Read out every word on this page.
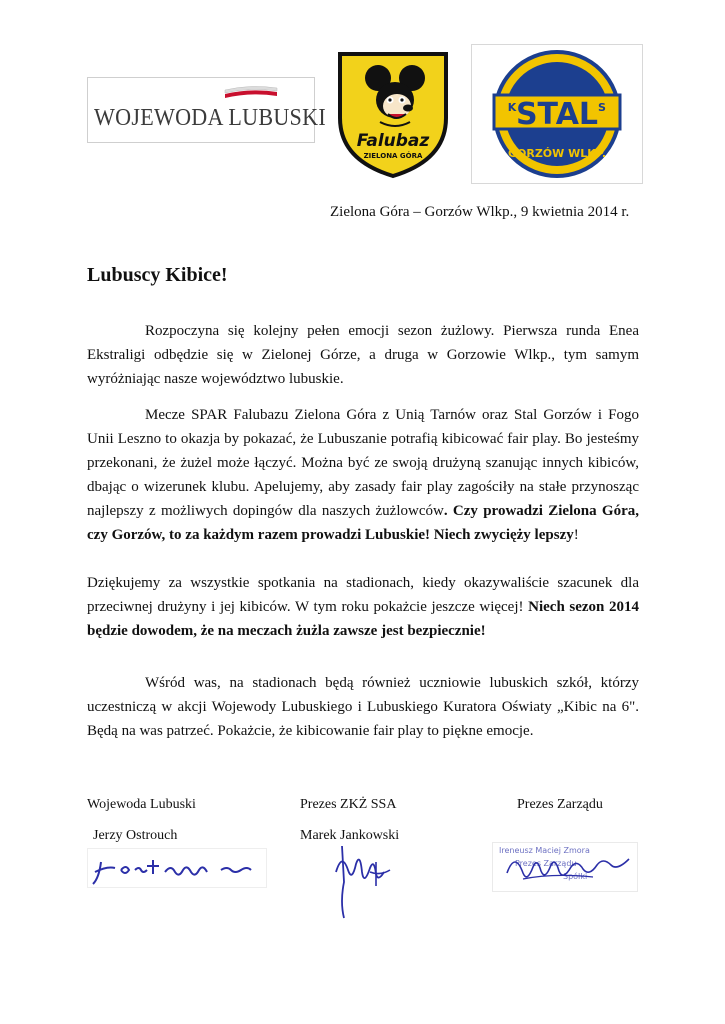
WOJEWODA LUBUSKI
Falubaz
ZIELONA GÓRA
STAL
K	S
GORZÓW WLKP.
Zielona Góra – Gorzów Wlkp., 9 kwietnia 2014 r.
Lubuscy Kibice!
Rozpoczyna się kolejny pełen emocji sezon żużlowy. Pierwsza runda Enea Ekstraligi odbędzie się w Zielonej Górze, a druga w Gorzowie Wlkp., tym samym wyróżniając nasze województwo lubuskie.
Mecze SPAR Falubazu Zielona Góra z Unią Tarnów oraz Stal Gorzów i Fogo Unii Leszno to okazja by pokazać, że Lubuszanie potrafią kibicować fair play. Bo jesteśmy przekonani, że żużel może łączyć. Można być ze swoją drużyną szanując innych kibiców, dbając o wizerunek klubu. Apelujemy, aby zasady fair play zagościły na stałe przynosząc najlepszy z możliwych dopingów dla naszych żużlowców. Czy prowadzi Zielona Góra, czy Gorzów, to za każdym razem prowadzi Lubuskie! Niech zwycięży lepszy!
Dziękujemy za wszystkie spotkania na stadionach, kiedy okazywaliście szacunek dla przeciwnej drużyny i jej kibiców. W tym roku pokażcie jeszcze więcej! Niech sezon 2014 będzie dowodem, że na meczach żużla zawsze jest bezpiecznie!
Wśród was, na stadionach będą również uczniowie lubuskich szkół, którzy uczestniczą w akcji Wojewody Lubuskiego i Lubuskiego Kuratora Oświaty „Kibic na 6". Będą na was patrzeć. Pokażcie, że kibicowanie fair play to piękne emocje.
Wojewoda Lubuski
Jerzy Ostrouch
Prezes ZKŻ SSA
Marek Jankowski
Prezes Zarządu
Ireneusz Maciej Zmora
Prezes Zarządu
Spółki
